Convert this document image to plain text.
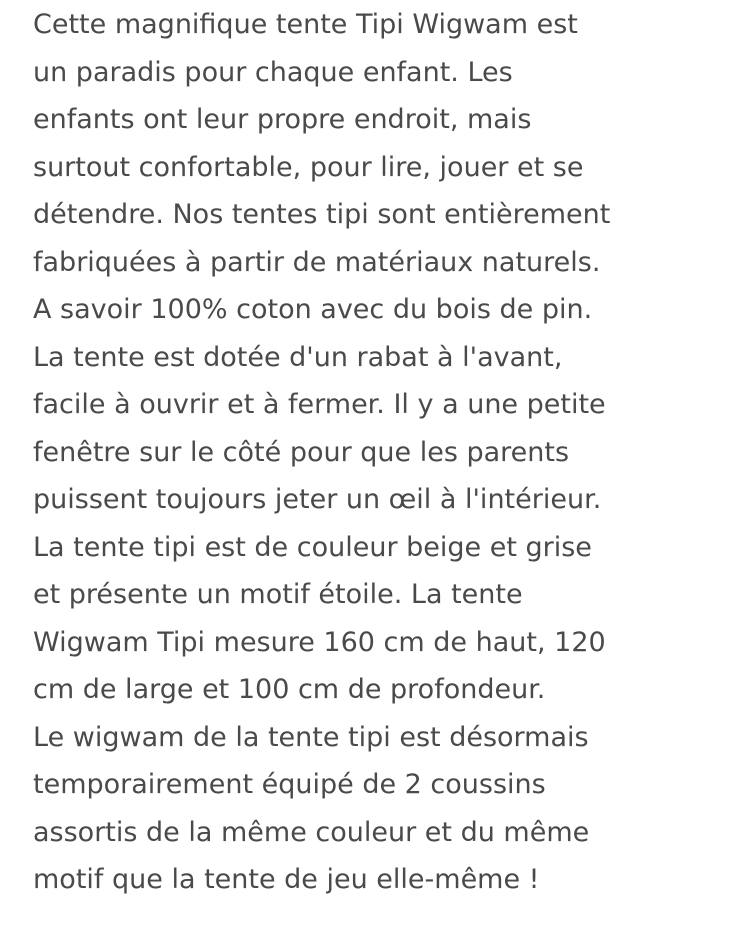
Cette magnifique tente Tipi Wigwam est
un paradis pour chaque enfant. Les
enfants ont leur propre endroit, mais
surtout confortable, pour lire, jouer et se
détendre. Nos tentes tipi sont entièrement
fabriquées à partir de matériaux naturels.
A savoir 100% coton avec du bois de pin.
La tente est dotée d'un rabat à l'avant,
facile à ouvrir et à fermer. Il y a une petite
fenêtre sur le côté pour que les parents
puissent toujours jeter un œil à l'intérieur.
La tente tipi est de couleur beige et grise
et présente un motif étoile. La tente
Wigwam Tipi mesure 160 cm de haut, 120
cm de large et 100 cm de profondeur.
Le wigwam de la tente tipi est désormais
temporairement équipé de 2 coussins
assortis de la même couleur et du même
motif que la tente de jeu elle-même !
